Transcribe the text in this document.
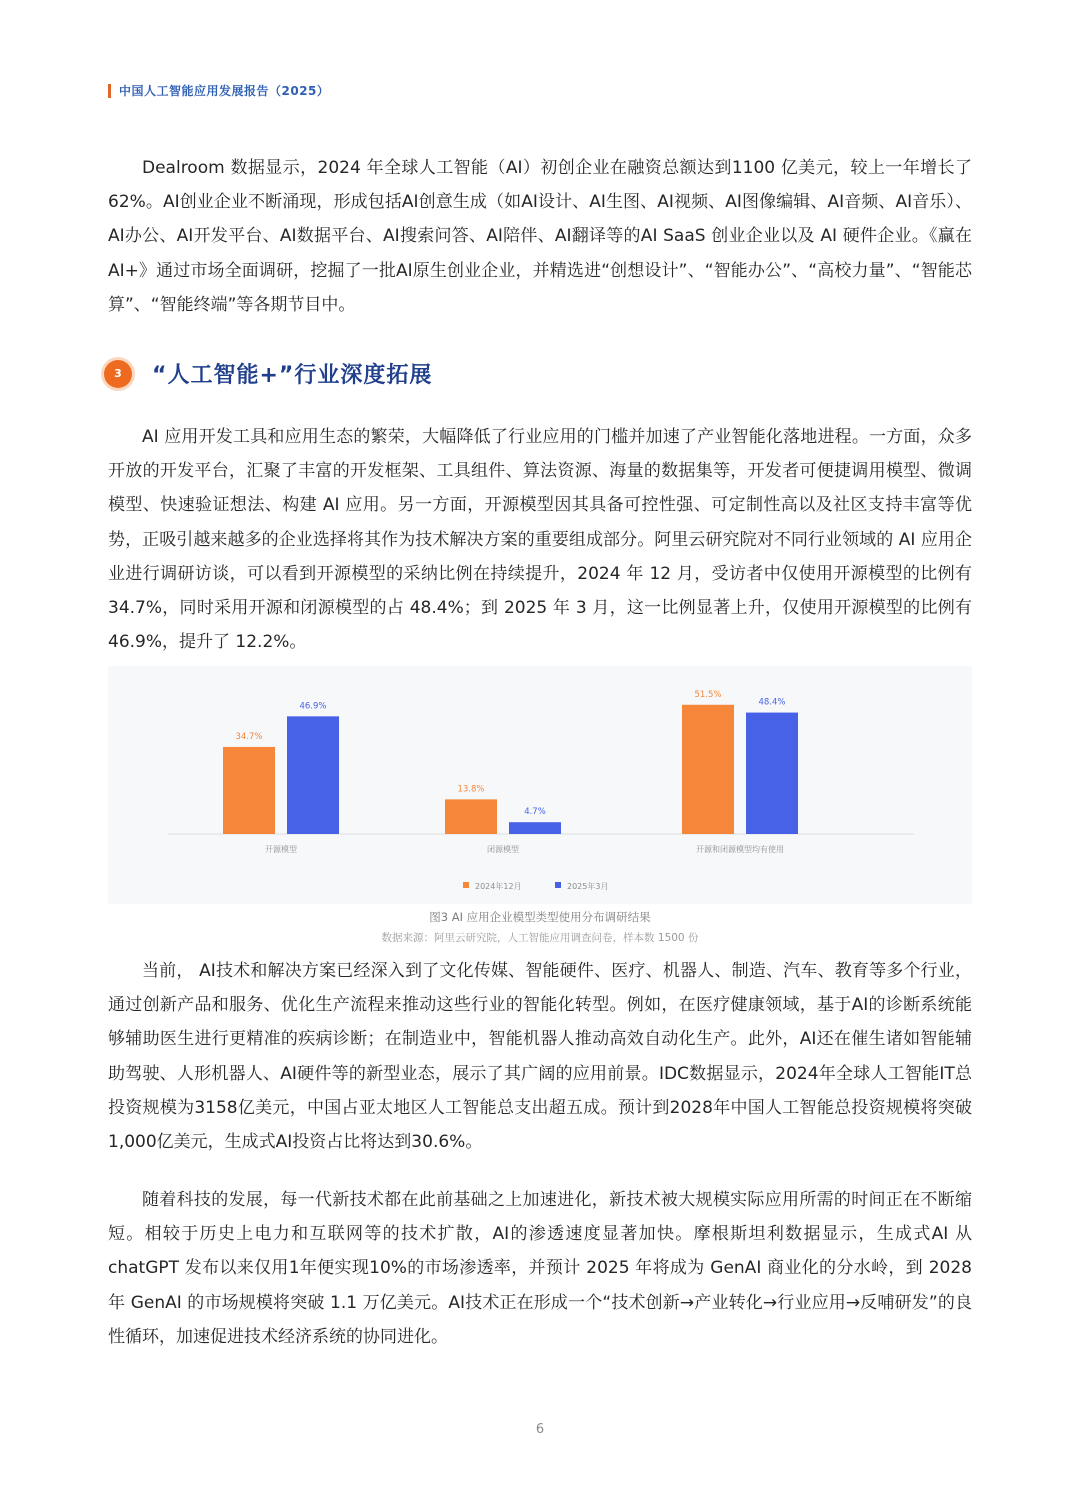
中国人工智能应用发展报告（2025）

Dealroom 数据显示，2024 年全球人工智能（AI）初创企业在融资总额达到1100 亿美元，较上一年增长了62%。AI创业企业不断涌现，形成包括AI创意生成（如AI设计、AI生图、AI视频、AI图像编辑、AI音频、AI音乐）、AI办公、AI开发平台、AI数据平台、AI搜索问答、AI陪伴、AI翻译等的AI SaaS 创业企业以及 AI 硬件企业。《赢在AI+》通过市场全面调研，挖掘了一批AI原生创业企业，并精选进“创想设计”、“智能办公”、“高校力量”、“智能芯算”、“智能终端”等各期节目中。

3	“人工智能+”行业深度拓展

AI 应用开发工具和应用生态的繁荣，大幅降低了行业应用的门槛并加速了产业智能化落地进程。一方面，众多开放的开发平台，汇聚了丰富的开发框架、工具组件、算法资源、海量的数据集等，开发者可便捷调用模型、微调模型、快速验证想法、构建 AI 应用。另一方面，开源模型因其具备可控性强、可定制性高以及社区支持丰富等优势，正吸引越来越多的企业选择将其作为技术解决方案的重要组成部分。阿里云研究院对不同行业领域的 AI 应用企业进行调研访谈，可以看到开源模型的采纳比例在持续提升，2024 年 12 月，受访者中仅使用开源模型的比例有 34.7%，同时采用开源和闭源模型的占 48.4%；到 2025 年 3 月，这一比例显著上升，仅使用开源模型的比例有 46.9%，提升了 12.2%。

34.7%
46.9%
开源模型
13.8%
4.7%
闭源模型
51.5%
48.4%
开源和闭源模型均有使用
2024年12月	2025年3月

图3 AI 应用企业模型类型使用分布调研结果

数据来源：阿里云研究院，人工智能应用调查问卷，样本数 1500 份

当前， AI技术和解决方案已经深入到了文化传媒、智能硬件、医疗、机器人、制造、汽车、教育等多个行业，通过创新产品和服务、优化生产流程来推动这些行业的智能化转型。例如，在医疗健康领域，基于AI的诊断系统能够辅助医生进行更精准的疾病诊断；在制造业中，智能机器人推动高效自动化生产。此外，AI还在催生诸如智能辅助驾驶、人形机器人、AI硬件等的新型业态，展示了其广阔的应用前景。IDC数据显示，2024年全球人工智能IT总投资规模为3158亿美元，中国占亚太地区人工智能总支出超五成。预计到2028年中国人工智能总投资规模将突破1,000亿美元，生成式AI投资占比将达到30.6%。

随着科技的发展，每一代新技术都在此前基础之上加速进化，新技术被大规模实际应用所需的时间正在不断缩短。相较于历史上电力和互联网等的技术扩散，AI的渗透速度显著加快。摩根斯坦利数据显示，生成式AI 从chatGPT 发布以来仅用1年便实现10%的市场渗透率，并预计 2025 年将成为 GenAI 商业化的分水岭，到 2028 年 GenAI 的市场规模将突破 1.1 万亿美元。AI技术正在形成一个“技术创新→产业转化→行业应用→反哺研发”的良性循环，加速促进技术经济系统的协同进化。

6
